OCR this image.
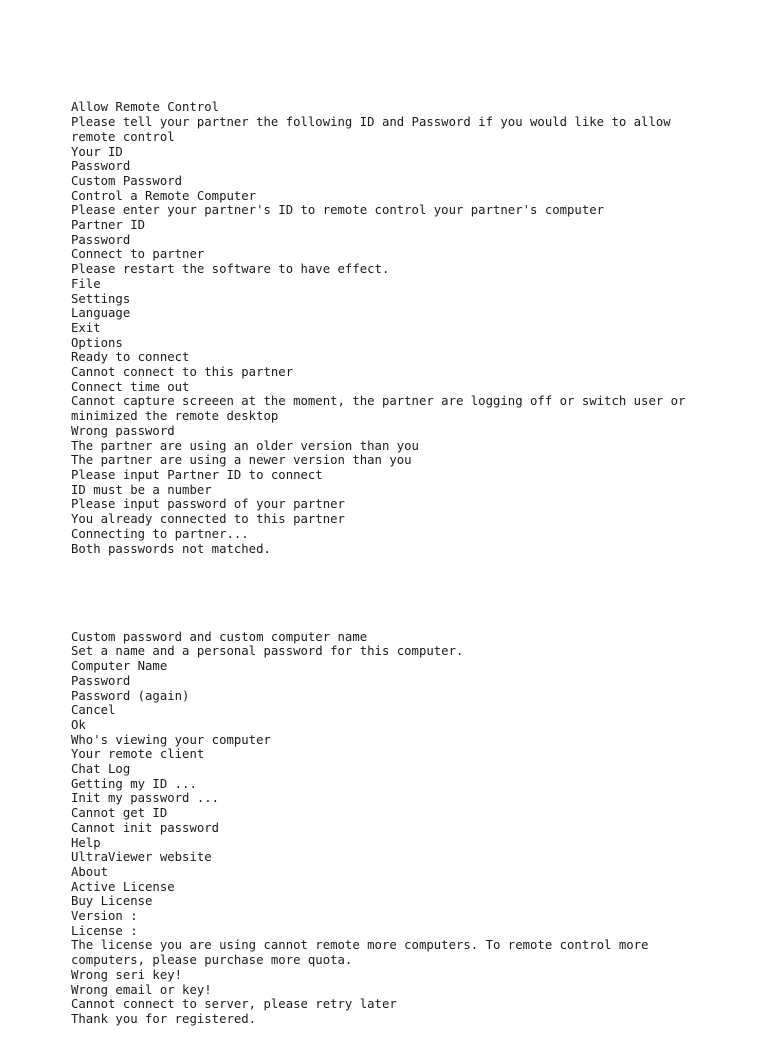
Allow Remote Control
Please tell your partner the following ID and Password if you would like to allow remote control
Your ID
Password
Custom Password
Control a Remote Computer
Please enter your partner's ID to remote control your partner's computer
Partner ID
Password
Connect to partner
Please restart the software to have effect.
File
Settings
Language
Exit
Options
Ready to connect
Cannot connect to this partner
Connect time out
Cannot capture screeen at the moment, the partner are logging off or switch user or minimized the remote desktop
Wrong password
The partner are using an older version than you
The partner are using a newer version than you
Please input Partner ID to connect
ID must be a number
Please input password of your partner
You already connected to this partner
Connecting to partner...
Both passwords not matched.

Custom password and custom computer name
Set a name and a personal password for this computer.
Computer Name
Password
Password (again)
Cancel
Ok
Who's viewing your computer
Your remote client
Chat Log
Getting my ID ...
Init my password ...
Cannot get ID
Cannot init password
Help
UltraViewer website
About
Active License
Buy License
Version :
License :
The license you are using cannot remote more computers. To remote control more computers, please purchase more quota.
Wrong seri key!
Wrong email or key!
Cannot connect to server, please retry later
Thank you for registered.
